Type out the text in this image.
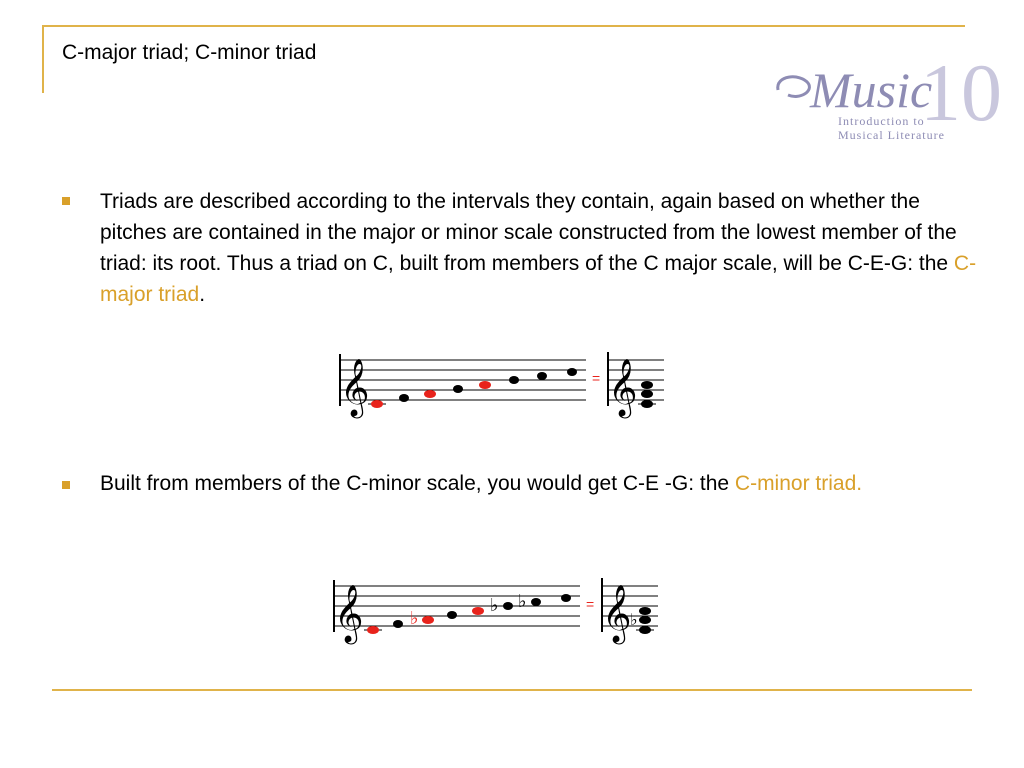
C-major triad; C-minor triad	10
Music
Introduction to
Musical Literature
Triads are described according to the intervals they contain, again based on whether the pitches are contained in the major or minor scale constructed from the lowest member of the triad: its root. Thus a triad on C, built from members of the C major scale, will be C-E-G: the C-major triad.
𝄞	= 𝄞
Built from members of the C-minor scale, you would get C-E -G: the C-minor triad.
𝄞	♭
♭ ♭	= 𝄞
♭
